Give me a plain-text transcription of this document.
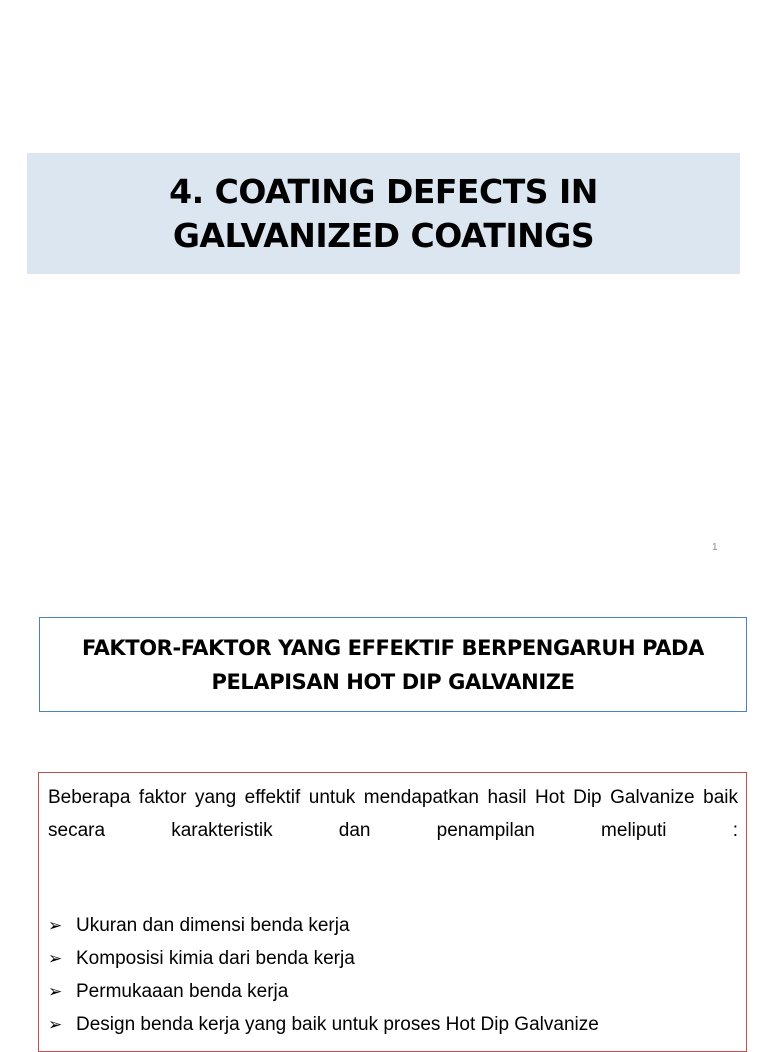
4. COATING DEFECTS IN
GALVANIZED COATINGS
1
FAKTOR-FAKTOR YANG EFFEKTIF BERPENGARUH PADA
PELAPISAN HOT DIP GALVANIZE

Beberapa faktor yang effektif untuk mendapatkan hasil Hot Dip Galvanize baik secara karakteristik dan penampilan meliputi :

➢ Ukuran dan dimensi benda kerja
➢ Komposisi kimia dari benda kerja
➢ Permukaaan benda kerja
➢ Design benda kerja yang baik untuk proses Hot Dip Galvanize
